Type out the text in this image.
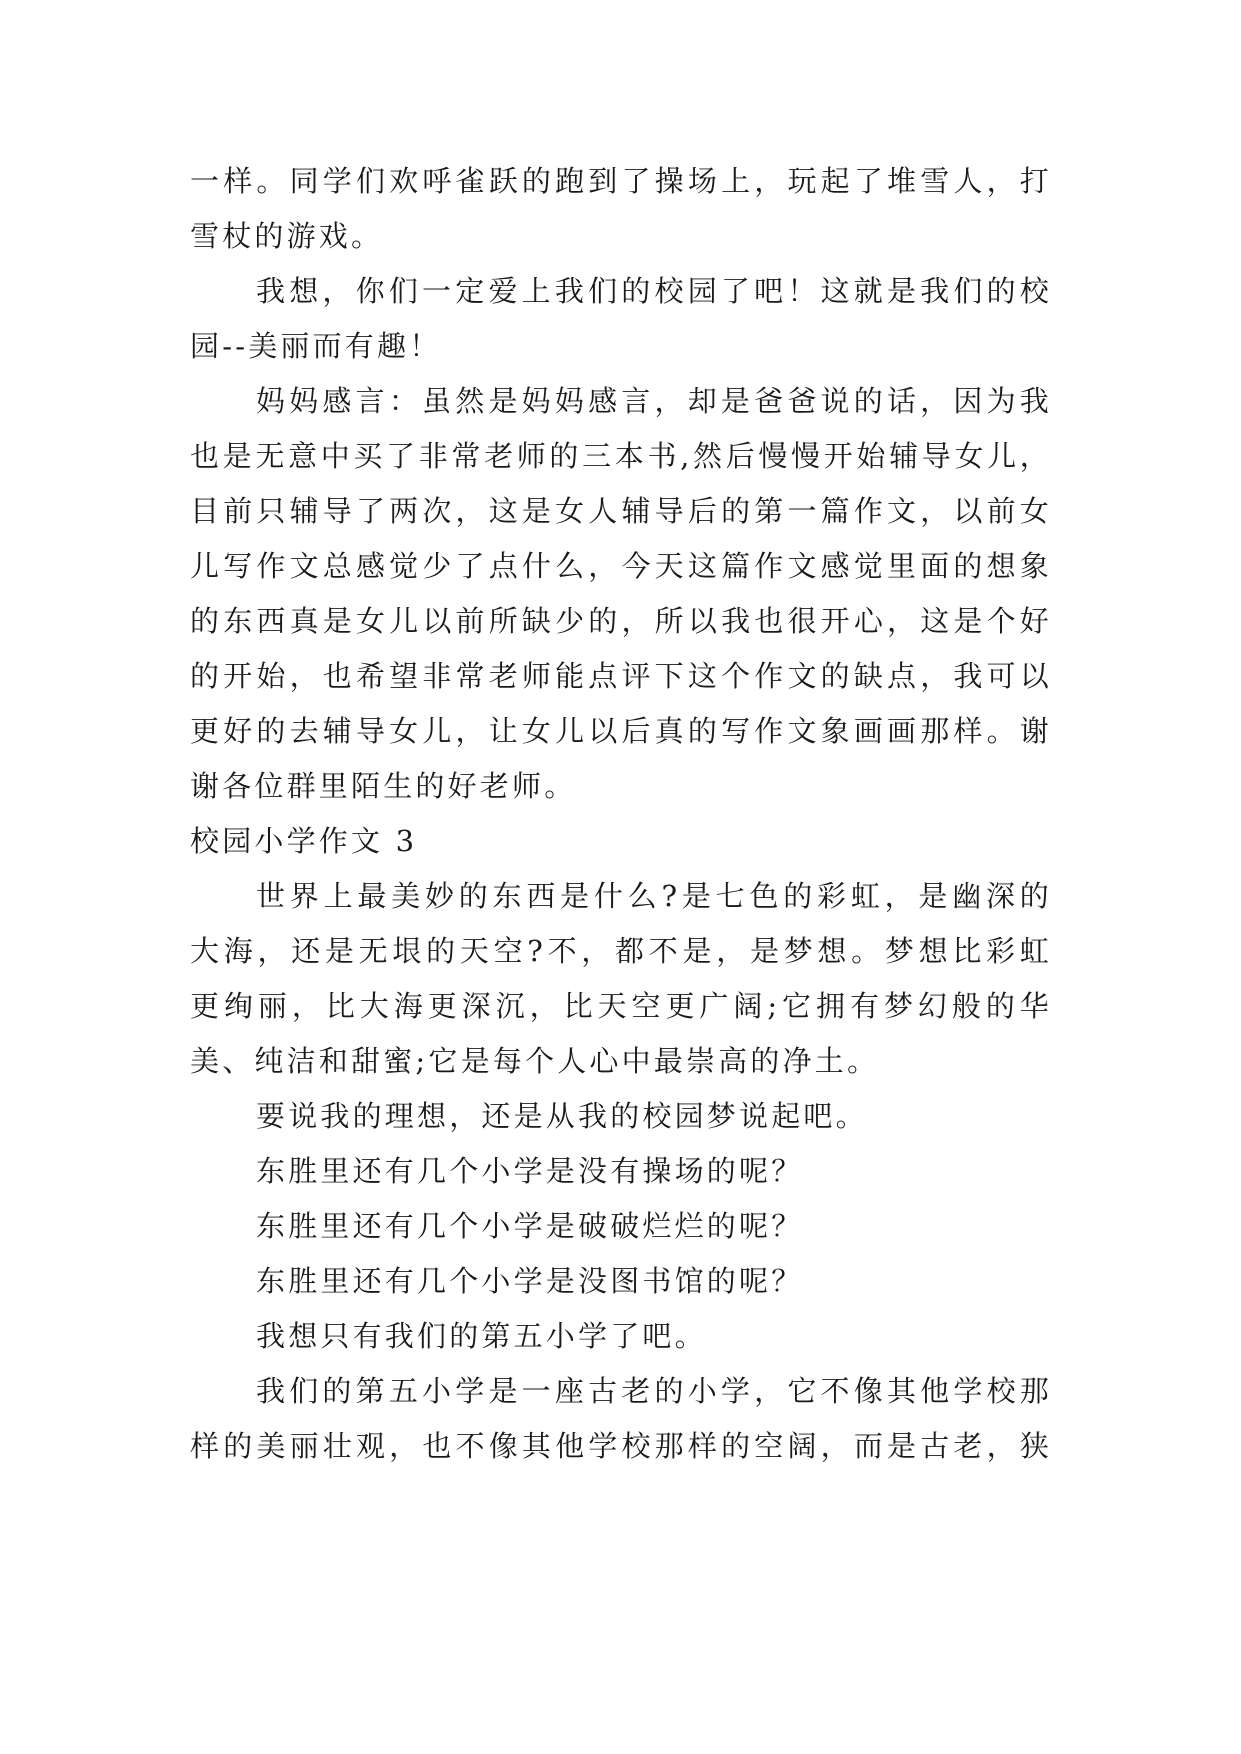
一样。同学们欢呼雀跃的跑到了操场上，玩起了堆雪人，打
雪杖的游戏。
我想，你们一定爱上我们的校园了吧！这就是我们的校
园--美丽而有趣！
妈妈感言：虽然是妈妈感言，却是爸爸说的话，因为我
也是无意中买了非常老师的三本书,然后慢慢开始辅导女儿，
目前只辅导了两次，这是女人辅导后的第一篇作文，以前女
儿写作文总感觉少了点什么，今天这篇作文感觉里面的想象
的东西真是女儿以前所缺少的，所以我也很开心，这是个好
的开始，也希望非常老师能点评下这个作文的缺点，我可以
更好的去辅导女儿，让女儿以后真的写作文象画画那样。谢
谢各位群里陌生的好老师。
校园小学作文 3
世界上最美妙的东西是什么?是七色的彩虹，是幽深的
大海，还是无垠的天空?不，都不是，是梦想。梦想比彩虹
更绚丽，比大海更深沉，比天空更广阔;它拥有梦幻般的华
美、纯洁和甜蜜;它是每个人心中最崇高的净土。
要说我的理想，还是从我的校园梦说起吧。
东胜里还有几个小学是没有操场的呢？
东胜里还有几个小学是破破烂烂的呢？
东胜里还有几个小学是没图书馆的呢？
我想只有我们的第五小学了吧。
我们的第五小学是一座古老的小学，它不像其他学校那
样的美丽壮观，也不像其他学校那样的空阔，而是古老，狭
